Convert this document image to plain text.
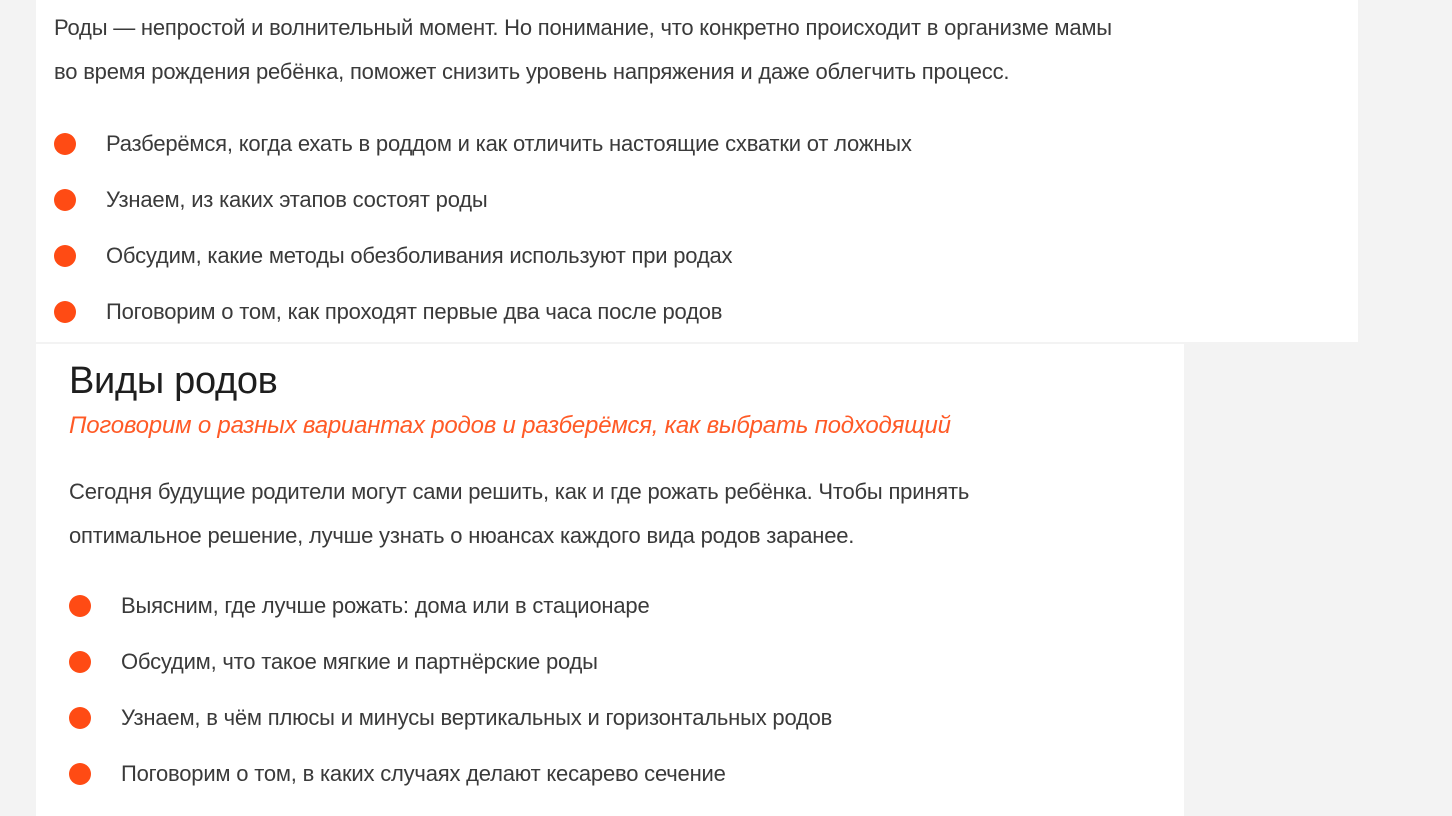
Роды — непростой и волнительный момент. Но понимание, что конкретно происходит в организме мамы
во время рождения ребёнка, поможет снизить уровень напряжения и даже облегчить процесс.

Разберёмся, когда ехать в роддом и как отличить настоящие схватки от ложных
Узнаем, из каких этапов состоят роды
Обсудим, какие методы обезболивания используют при родах
Поговорим о том, как проходят первые два часа после родов
Виды родов

Поговорим о разных вариантах родов и разберёмся, как выбрать подходящий

Сегодня будущие родители могут сами решить, как и где рожать ребёнка. Чтобы принять
оптимальное решение, лучше узнать о нюансах каждого вида родов заранее.

Выясним, где лучше рожать: дома или в стационаре
Обсудим, что такое мягкие и партнёрские роды
Узнаем, в чём плюсы и минусы вертикальных и горизонтальных родов
Поговорим о том, в каких случаях делают кесарево сечение
